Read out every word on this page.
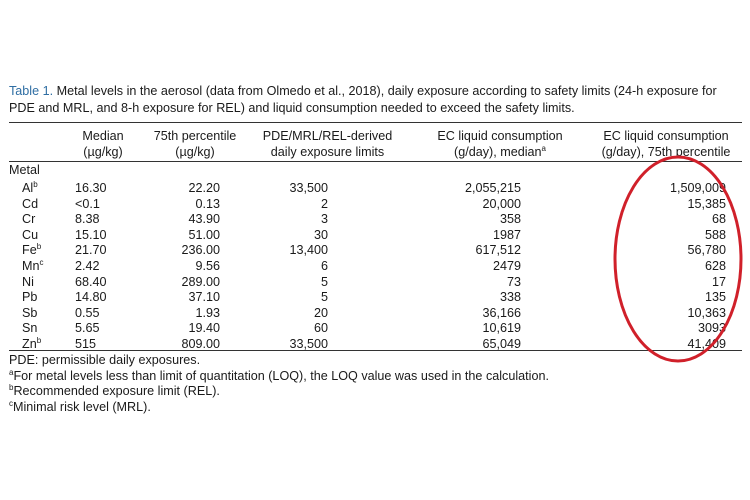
Table 1. Metal levels in the aerosol (data from Olmedo et al., 2018), daily exposure according to safety limits (24-h exposure for PDE and MRL, and 8-h exposure for REL) and liquid consumption needed to exceed the safety limits.
Median
(µg/kg)
75th percentile
(µg/kg)
PDE/MRL/REL-derived
daily exposure limits
EC liquid consumption
(g/day), median$^a$
EC liquid consumption
(g/day), 75th percentile
Metal
Al$^b$	16.30	22.20	33,500	2,055,215	1,509,009
Cd	<0.1	0.13	2	20,000	15,385
Cr	8.38	43.90	3	358	68
Cu	15.10	51.00	30	1987	588
Fe$^b$	21.70	236.00	13,400	617,512	56,780
Mn$^c$	2.42	9.56	6	2479	628
Ni	68.40	289.00	5	73	17
Pb	14.80	37.10	5	338	135
Sb	0.55	1.93	20	36,166	10,363
Sn	5.65	19.40	60	10,619	3093
Zn$^b$	515	809.00	33,500	65,049	41,409
PDE: permissible daily exposures.
$^a$For metal levels less than limit of quantitation (LOQ), the LOQ value was used in the calculation.
$^b$Recommended exposure limit (REL).
$^c$Minimal risk level (MRL).
